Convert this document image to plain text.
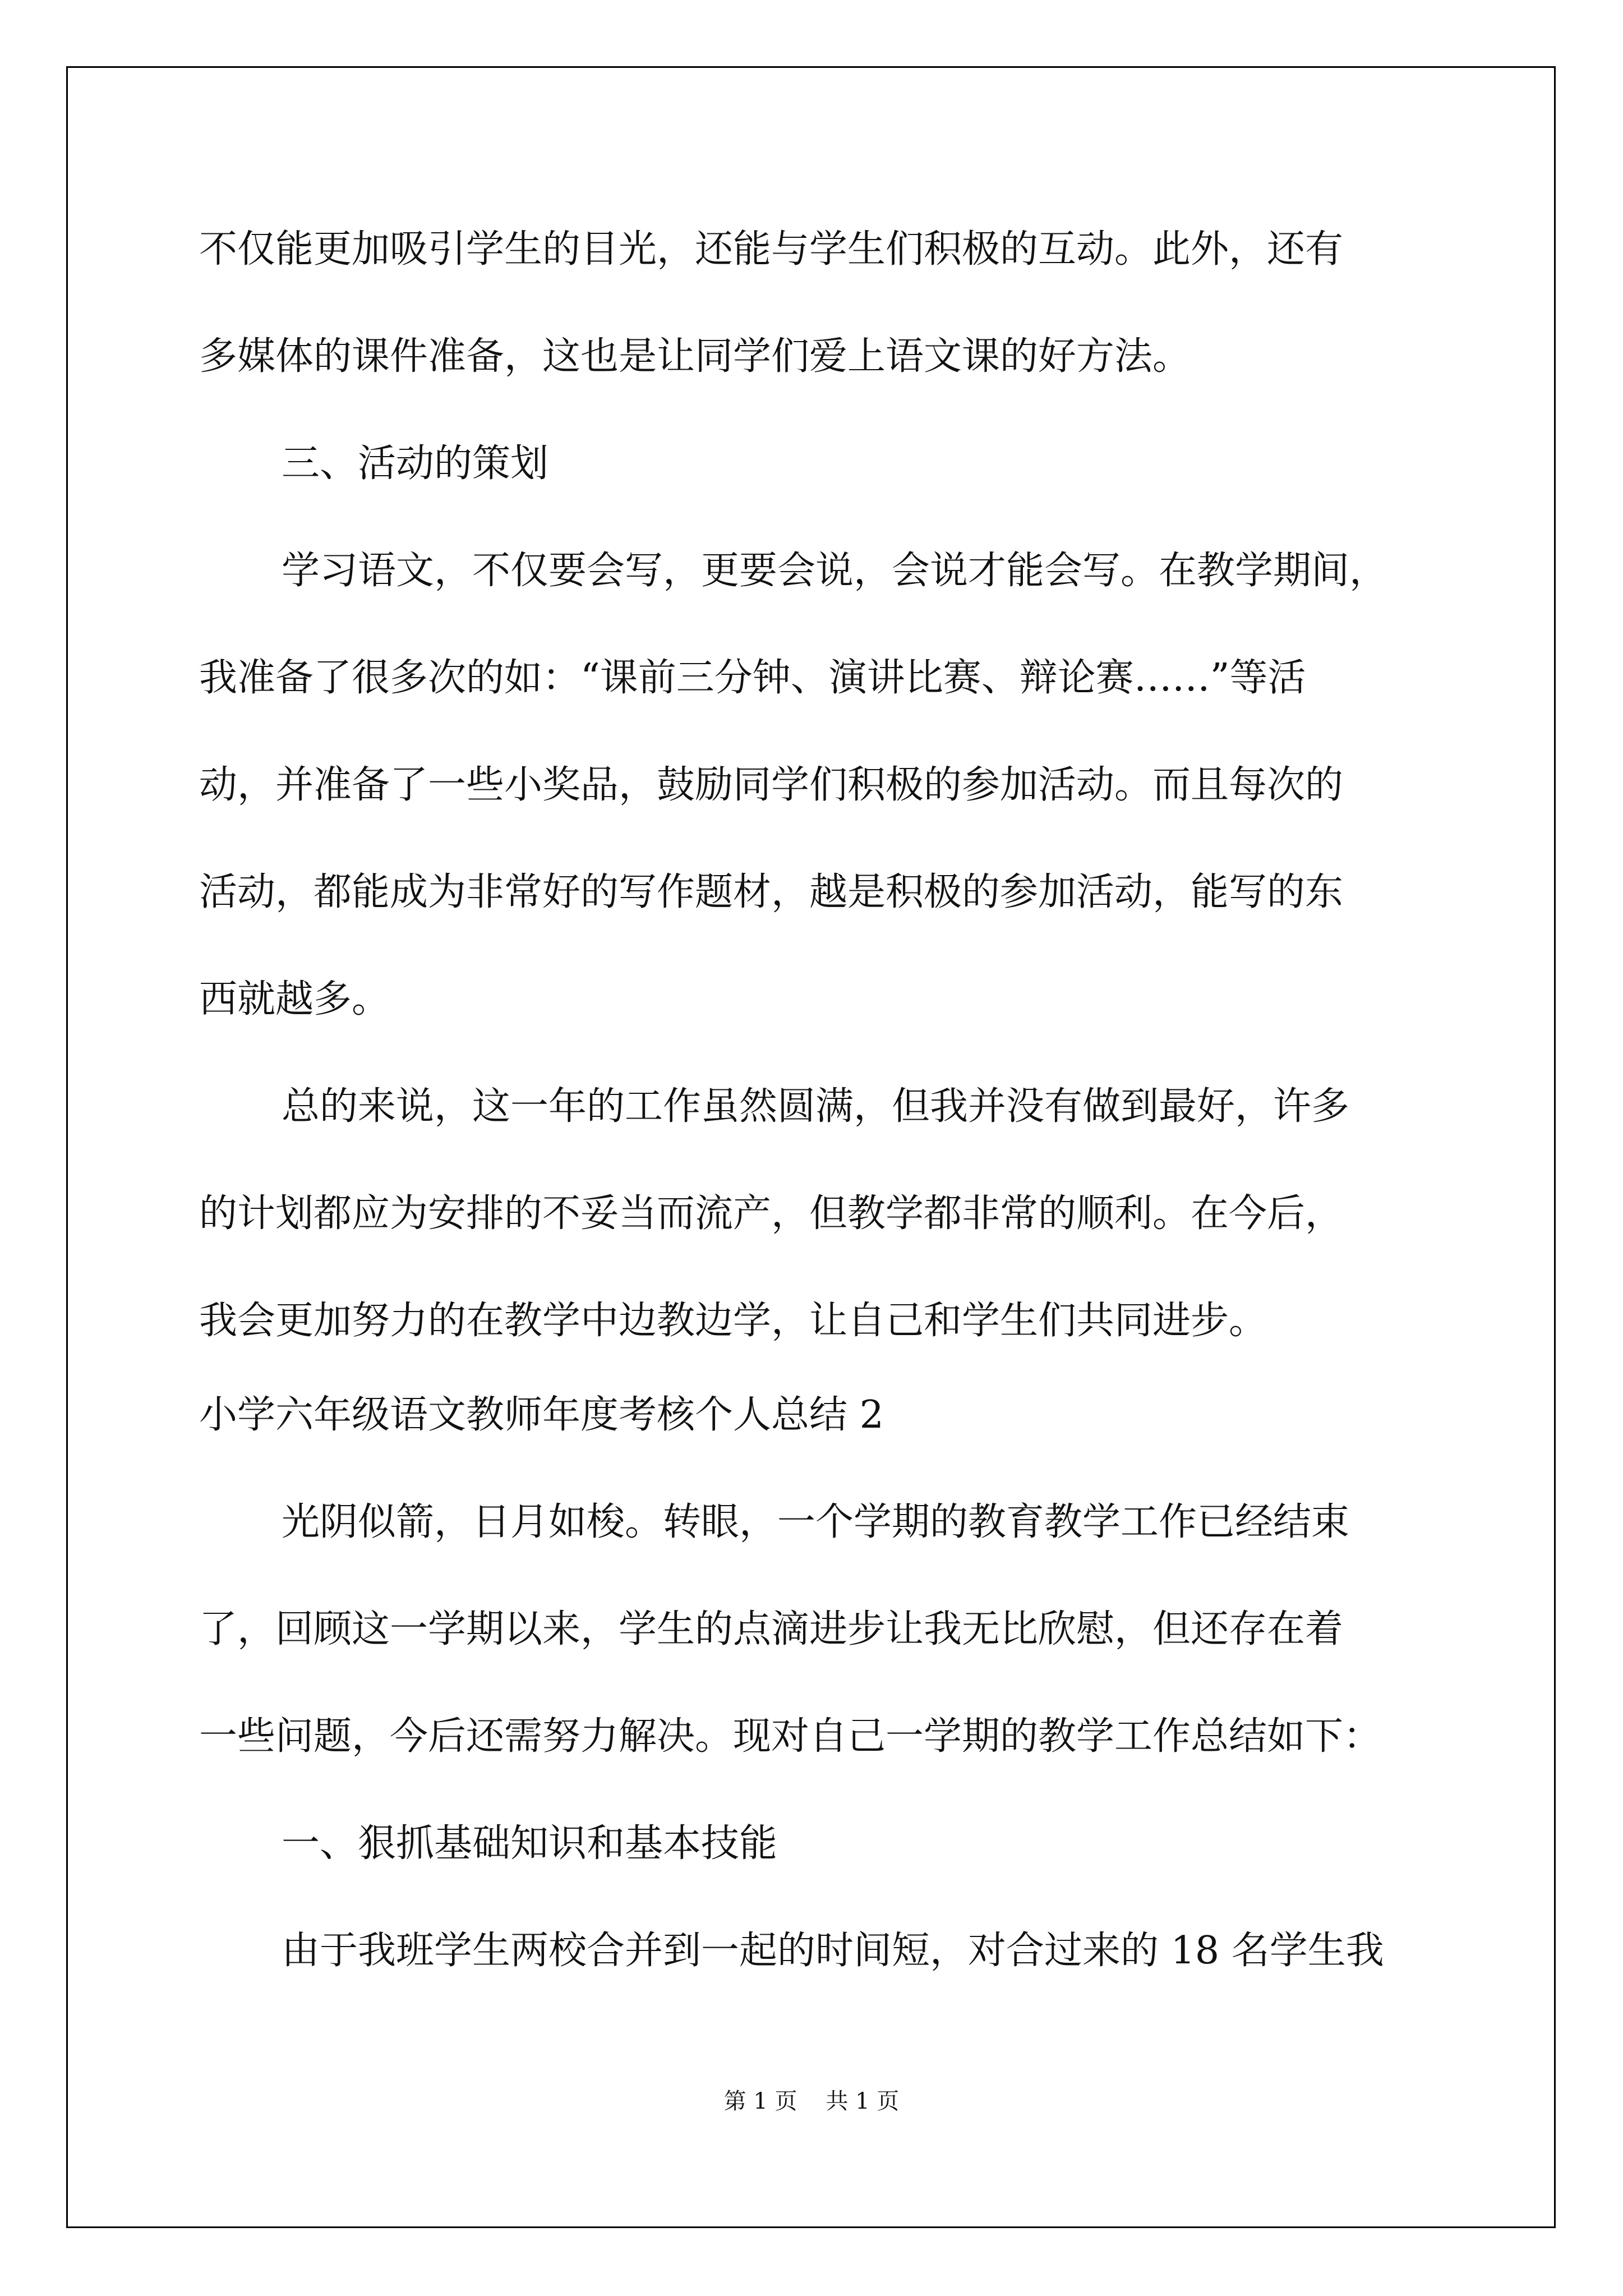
不仅能更加吸引学生的目光，还能与学生们积极的互动。此外，还有

多媒体的课件准备，这也是让同学们爱上语文课的好方法。

三、活动的策划

学习语文，不仅要会写，更要会说，会说才能会写。在教学期间，

我准备了很多次的如：“课前三分钟、演讲比赛、辩论赛……”等活

动，并准备了一些小奖品，鼓励同学们积极的参加活动。而且每次的

活动，都能成为非常好的写作题材，越是积极的参加活动，能写的东

西就越多。

总的来说，这一年的工作虽然圆满，但我并没有做到最好，许多

的计划都应为安排的不妥当而流产，但教学都非常的顺利。在今后，

我会更加努力的在教学中边教边学，让自己和学生们共同进步。

小学六年级语文教师年度考核个人总结 2

光阴似箭，日月如梭。转眼，一个学期的教育教学工作已经结束

了，回顾这一学期以来，学生的点滴进步让我无比欣慰，但还存在着

一些问题，今后还需努力解决。现对自己一学期的教学工作总结如下：

一、狠抓基础知识和基本技能

由于我班学生两校合并到一起的时间短，对合过来的 18 名学生我

第 1 页 共 1 页
